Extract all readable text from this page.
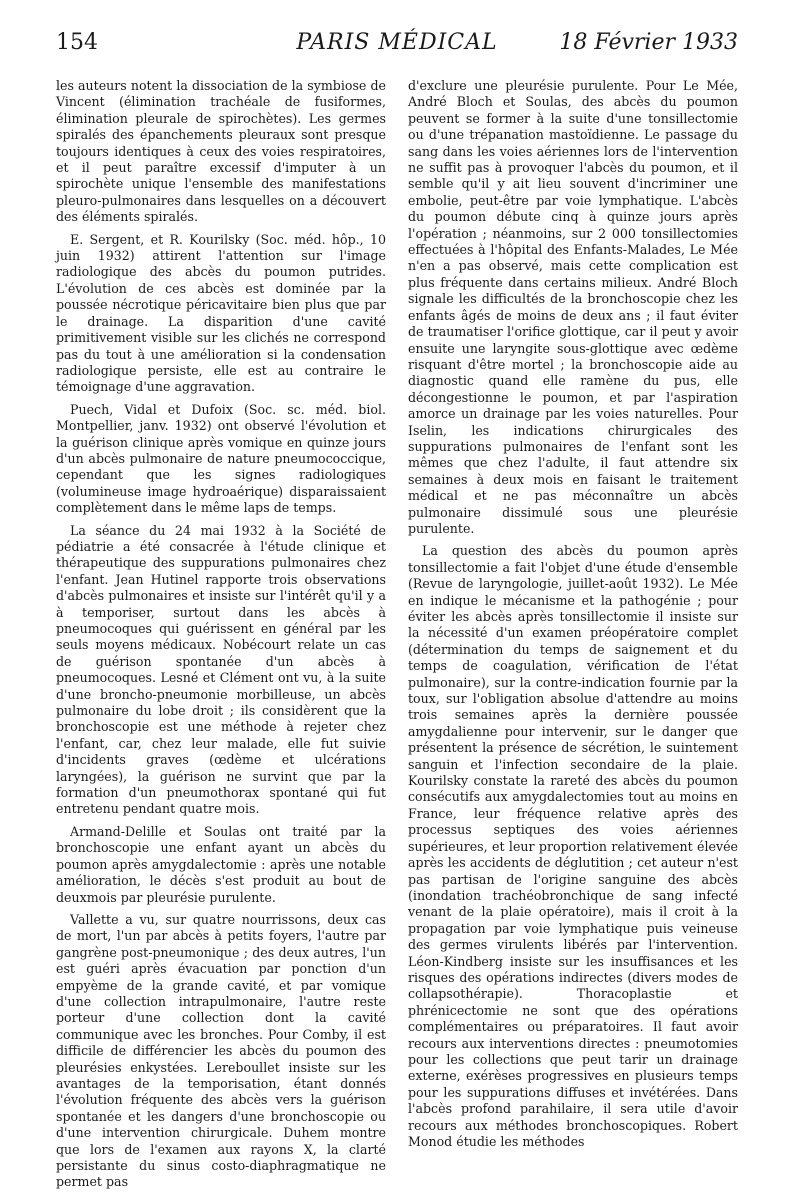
154	PARIS MÉDICAL	18 Février 1933

les auteurs notent la dissociation de la symbiose de Vincent (élimination trachéale de fusiformes, élimination pleurale de spirochètes). Les germes spiralés des épanchements pleuraux sont presque toujours identiques à ceux des voies respiratoires, et il peut paraître excessif d'imputer à un spirochète unique l'ensemble des manifestations pleuro-pulmonaires dans lesquelles on a découvert des éléments spiralés.

E. Sergent, et R. Kourilsky (Soc. méd. hôp., 10 juin 1932) attirent l'attention sur l'image radiologique des abcès du poumon putrides. L'évolution de ces abcès est dominée par la poussée nécrotique péricavitaire bien plus que par le drainage. La disparition d'une cavité primitivement visible sur les clichés ne correspond pas du tout à une amélioration si la condensation radiologique persiste, elle est au contraire le témoignage d'une aggravation.

Puech, Vidal et Dufoix (Soc. sc. méd. biol. Montpellier, janv. 1932) ont observé l'évolution et la guérison clinique après vomique en quinze jours d'un abcès pulmonaire de nature pneumococcique, cependant que les signes radiologiques (volumineuse image hydroaérique) disparaissaient complètement dans le même laps de temps.

La séance du 24 mai 1932 à la Société de pédiatrie a été consacrée à l'étude clinique et thérapeutique des suppurations pulmonaires chez l'enfant. Jean Hutinel rapporte trois observations d'abcès pulmonaires et insiste sur l'intérêt qu'il y a à temporiser, surtout dans les abcès à pneumocoques qui guérissent en général par les seuls moyens médicaux. Nobécourt relate un cas de guérison spontanée d'un abcès à pneumocoques. Lesné et Clément ont vu, à la suite d'une broncho-pneumonie morbilleuse, un abcès pulmonaire du lobe droit ; ils considèrent que la bronchoscopie est une méthode à rejeter chez l'enfant, car, chez leur malade, elle fut suivie d'incidents graves (œdème et ulcérations laryngées), la guérison ne survint que par la formation d'un pneumothorax spontané qui fut entretenu pendant quatre mois.

Armand-Delille et Soulas ont traité par la bronchoscopie une enfant ayant un abcès du poumon après amygdalectomie : après une notable amélioration, le décès s'est produit au bout de deuxmois par pleurésie purulente.

Vallette a vu, sur quatre nourrissons, deux cas de mort, l'un par abcès à petits foyers, l'autre par gangrène post-pneumonique ; des deux autres, l'un est guéri après évacuation par ponction d'un empyème de la grande cavité, et par vomique d'une collection intrapulmonaire, l'autre reste porteur d'une collection dont la cavité communique avec les bronches. Pour Comby, il est difficile de différencier les abcès du poumon des pleurésies enkystées. Lereboullet insiste sur les avantages de la temporisation, étant donnés l'évolution fréquente des abcès vers la guérison spontanée et les dangers d'une bronchoscopie ou d'une intervention chirurgicale. Duhem montre que lors de l'examen aux rayons X, la clarté persistante du sinus costo-diaphragmatique ne permet pas

d'exclure une pleurésie purulente. Pour Le Mée, André Bloch et Soulas, des abcès du poumon peuvent se former à la suite d'une tonsillectomie ou d'une trépanation mastoïdienne. Le passage du sang dans les voies aériennes lors de l'intervention ne suffit pas à provoquer l'abcès du poumon, et il semble qu'il y ait lieu souvent d'incriminer une embolie, peut-être par voie lymphatique. L'abcès du poumon débute cinq à quinze jours après l'opération ; néanmoins, sur 2 000 tonsillectomies effectuées à l'hôpital des Enfants-Malades, Le Mée n'en a pas observé, mais cette complication est plus fréquente dans certains milieux. André Bloch signale les difficultés de la bronchoscopie chez les enfants âgés de moins de deux ans ; il faut éviter de traumatiser l'orifice glottique, car il peut y avoir ensuite une laryngite sous-glottique avec œdème risquant d'être mortel ; la bronchoscopie aide au diagnostic quand elle ramène du pus, elle décongestionne le poumon, et par l'aspiration amorce un drainage par les voies naturelles. Pour Iselin, les indications chirurgicales des suppurations pulmonaires de l'enfant sont les mêmes que chez l'adulte, il faut attendre six semaines à deux mois en faisant le traitement médical et ne pas méconnaître un abcès pulmonaire dissimulé sous une pleurésie purulente.

La question des abcès du poumon après tonsillectomie a fait l'objet d'une étude d'ensemble (Revue de laryngologie, juillet-août 1932). Le Mée en indique le mécanisme et la pathogénie ; pour éviter les abcès après tonsillectomie il insiste sur la nécessité d'un examen préopératoire complet (détermination du temps de saignement et du temps de coagulation, vérification de l'état pulmonaire), sur la contre-indication fournie par la toux, sur l'obligation absolue d'attendre au moins trois semaines après la dernière poussée amygdalienne pour intervenir, sur le danger que présentent la présence de sécrétion, le suintement sanguin et l'infection secondaire de la plaie. Kourilsky constate la rareté des abcès du poumon consécutifs aux amygdalectomies tout au moins en France, leur fréquence relative après des processus septiques des voies aériennes supérieures, et leur proportion relativement élevée après les accidents de déglutition ; cet auteur n'est pas partisan de l'origine sanguine des abcès (inondation trachéobronchique de sang infecté venant de la plaie opératoire), mais il croit à la propagation par voie lymphatique puis veineuse des germes virulents libérés par l'intervention. Léon-Kindberg insiste sur les insuffisances et les risques des opérations indirectes (divers modes de collapsothérapie). Thoracoplastie et phrénicectomie ne sont que des opérations complémentaires ou préparatoires. Il faut avoir recours aux interventions directes : pneumotomies pour les collections que peut tarir un drainage externe, exérèses progressives en plusieurs temps pour les suppurations diffuses et invétérées. Dans l'abcès profond parahilaire, il sera utile d'avoir recours aux méthodes bronchoscopiques. Robert Monod étudie les méthodes
